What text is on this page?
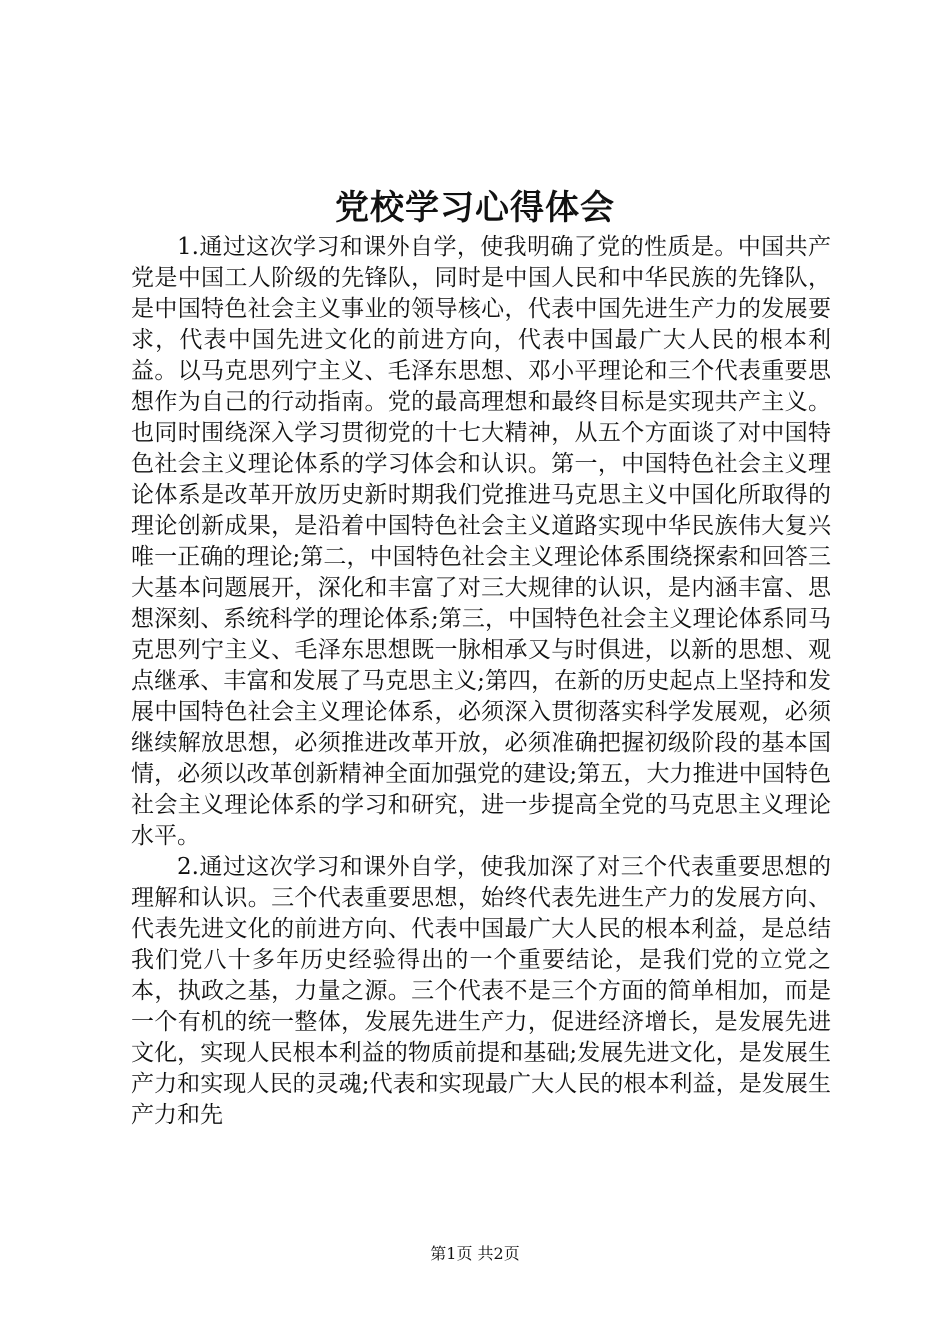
党校学习心得体会

1.通过这次学习和课外自学，使我明确了党的性质是。中国共产党是中国工人阶级的先锋队，同时是中国人民和中华民族的先锋队，是中国特色社会主义事业的领导核心，代表中国先进生产力的发展要求，代表中国先进文化的前进方向，代表中国最广大人民的根本利益。以马克思列宁主义、毛泽东思想、邓小平理论和三个代表重要思想作为自己的行动指南。党的最高理想和最终目标是实现共产主义。也同时围绕深入学习贯彻党的十七大精神，从五个方面谈了对中国特色社会主义理论体系的学习体会和认识。第一，中国特色社会主义理论体系是改革开放历史新时期我们党推进马克思主义中国化所取得的理论创新成果，是沿着中国特色社会主义道路实现中华民族伟大复兴唯一正确的理论;第二，中国特色社会主义理论体系围绕探索和回答三大基本问题展开，深化和丰富了对三大规律的认识，是内涵丰富、思想深刻、系统科学的理论体系;第三，中国特色社会主义理论体系同马克思列宁主义、毛泽东思想既一脉相承又与时俱进，以新的思想、观点继承、丰富和发展了马克思主义;第四，在新的历史起点上坚持和发展中国特色社会主义理论体系，必须深入贯彻落实科学发展观，必须继续解放思想，必须推进改革开放，必须准确把握初级阶段的基本国情，必须以改革创新精神全面加强党的建设;第五，大力推进中国特色社会主义理论体系的学习和研究，进一步提高全党的马克思主义理论水平。

2.通过这次学习和课外自学，使我加深了对三个代表重要思想的理解和认识。三个代表重要思想，始终代表先进生产力的发展方向、代表先进文化的前进方向、代表中国最广大人民的根本利益，是总结我们党八十多年历史经验得出的一个重要结论，是我们党的立党之本，执政之基，力量之源。三个代表不是三个方面的简单相加，而是一个有机的统一整体，发展先进生产力，促进经济增长，是发展先进文化，实现人民根本利益的物质前提和基础;发展先进文化，是发展生产力和实现人民的灵魂;代表和实现最广大人民的根本利益，是发展生产力和先

第1页 共2页
